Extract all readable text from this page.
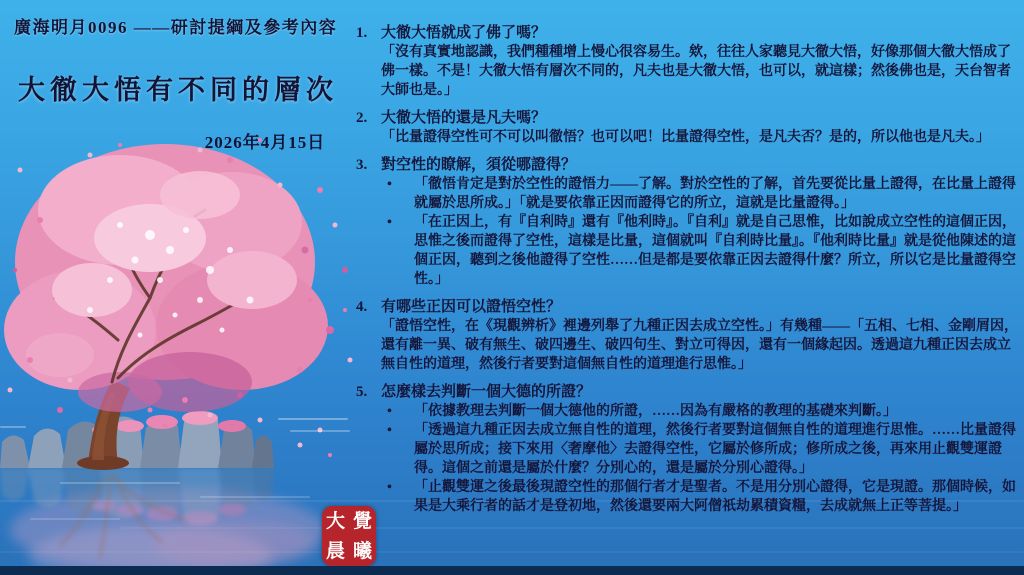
廣海明月0096 ——研討提綱及參考內容
大徹大悟有不同的層次
2026年4月15日
大 覺
晨 曦
1. 大徹大悟就成了佛了嗎？

「沒有真實地認識，我們種種增上慢心很容易生。欸，往往人家聽見大徹大悟，好像那個大徹大悟成了佛一樣。不是！大徹大悟有層次不同的，凡夫也是大徹大悟，也可以，就這樣；然後佛也是，天台智者大師也是。」

2. 大徹大悟的還是凡夫嗎？

「比量證得空性可不可以叫徹悟？也可以吧！比量證得空性，是凡夫否？是的，所以他也是凡夫。」

3. 對空性的瞭解，須從哪證得？
•	「徹悟肯定是對於空性的證悟力——了解。對於空性的了解，首先要從比量上證得，在比量上證得就屬於思所成。」「就是要依靠正因而證得它的所立，這就是比量證得。」
•	「在正因上，有『自利時』還有『他利時』。『自利』就是自己思惟，比如說成立空性的這個正因，思惟之後而證得了空性，這樣是比量，這個就叫『自利時比量』。『他利時比量』就是從他陳述的這個正因，聽到之後他證得了空性……但是都是要依靠正因去證得什麼？所立，所以它是比量證得空性。」
4. 有哪些正因可以證悟空性？

「證悟空性，在《現觀辨析》裡邊列舉了九種正因去成立空性。」有幾種——「五相、七相、金剛屑因，還有離一異、破有無生、破四邊生、破四句生、對立可得因，還有一個緣起因。透過這九種正因去成立無自性的道理，然後行者要對這個無自性的道理進行思惟。」

5. 怎麼樣去判斷一個大德的所證？
•	「依據教理去判斷一個大德他的所證，……因為有嚴格的教理的基礎來判斷。」
•	「透過這九種正因去成立無自性的道理，然後行者要對這個無自性的道理進行思惟。……比量證得屬於思所成；接下來用〈奢摩他〉去證得空性，它屬於修所成；修所成之後，再來用止觀雙運證得。這個之前還是屬於什麼？分別心的，還是屬於分別心證得。」
•	「止觀雙運之後最後現證空性的那個行者才是聖者。不是用分別心證得，它是現證。那個時候，如果是大乘行者的話才是登初地，然後還要兩大阿僧祇劫累積資糧，去成就無上正等菩提。」
